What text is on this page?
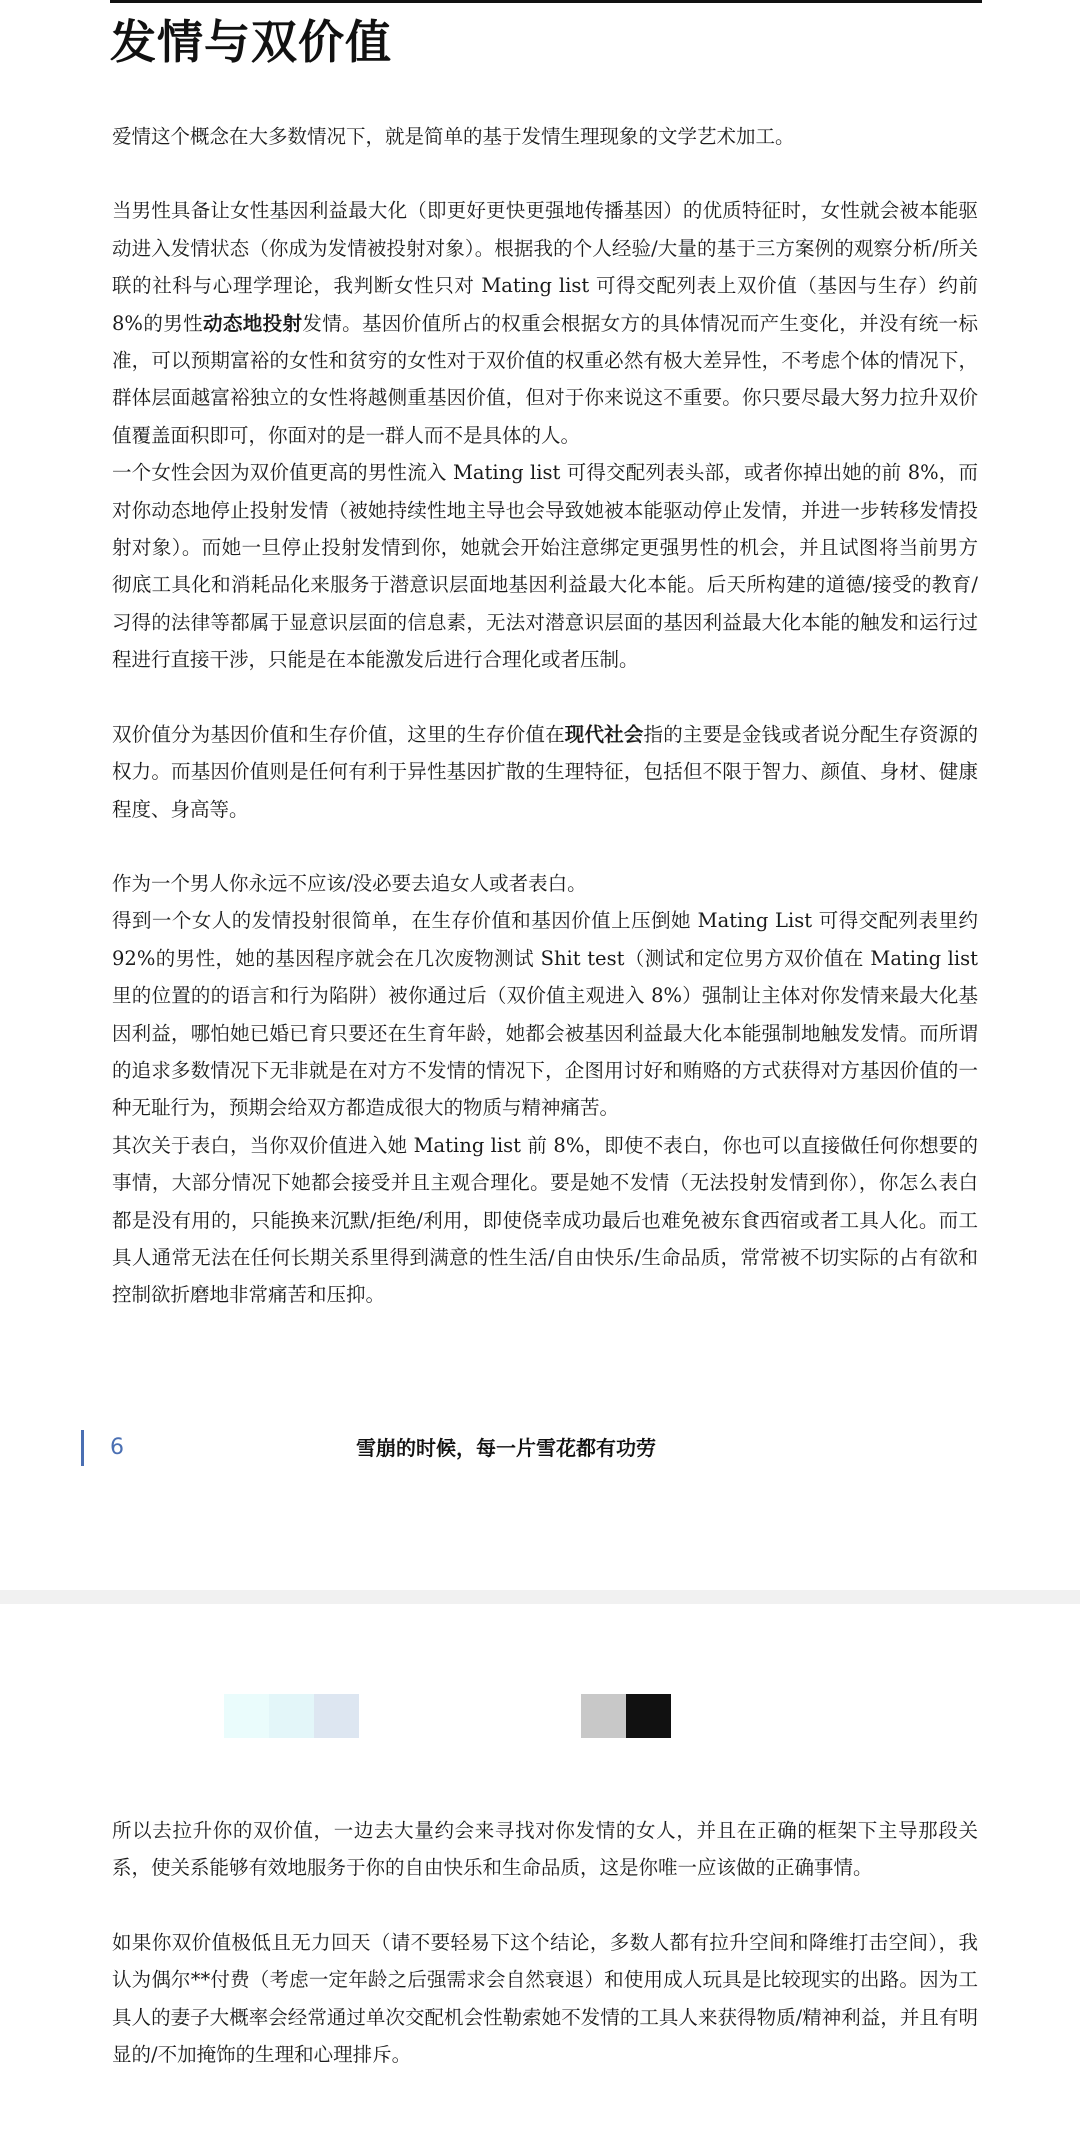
发情与双价值

爱情这个概念在大多数情况下，就是简单的基于发情生理现象的文学艺术加工。

当男性具备让女性基因利益最大化（即更好更快更强地传播基因）的优质特征时，女性就会被本能驱动进入发情状态（你成为发情被投射对象）。根据我的个人经验/大量的基于三方案例的观察分析/所关联的社科与心理学理论，我判断女性只对 Mating list 可得交配列表上双价值（基因与生存）约前 8%的男性动态地投射发情。基因价值所占的权重会根据女方的具体情况而产生变化，并没有统一标准，可以预期富裕的女性和贫穷的女性对于双价值的权重必然有极大差异性，不考虑个体的情况下，群体层面越富裕独立的女性将越侧重基因价值，但对于你来说这不重要。你只要尽最大努力拉升双价值覆盖面积即可，你面对的是一群人而不是具体的人。

一个女性会因为双价值更高的男性流入 Mating list 可得交配列表头部，或者你掉出她的前 8%，而对你动态地停止投射发情（被她持续性地主导也会导致她被本能驱动停止发情，并进一步转移发情投射对象）。而她一旦停止投射发情到你，她就会开始注意绑定更强男性的机会，并且试图将当前男方彻底工具化和消耗品化来服务于潜意识层面地基因利益最大化本能。后天所构建的道德/接受的教育/习得的法律等都属于显意识层面的信息素，无法对潜意识层面的基因利益最大化本能的触发和运行过程进行直接干涉，只能是在本能激发后进行合理化或者压制。

双价值分为基因价值和生存价值，这里的生存价值在现代社会指的主要是金钱或者说分配生存资源的权力。而基因价值则是任何有利于异性基因扩散的生理特征，包括但不限于智力、颜值、身材、健康程度、身高等。

作为一个男人你永远不应该/没必要去追女人或者表白。

得到一个女人的发情投射很简单，在生存价值和基因价值上压倒她 Mating List 可得交配列表里约 92%的男性，她的基因程序就会在几次废物测试 Shit test（测试和定位男方双价值在 Mating list 里的位置的的语言和行为陷阱）被你通过后（双价值主观进入 8%）强制让主体对你发情来最大化基因利益，哪怕她已婚已育只要还在生育年龄，她都会被基因利益最大化本能强制地触发发情。而所谓的追求多数情况下无非就是在对方不发情的情况下，企图用讨好和贿赂的方式获得对方基因价值的一种无耻行为，预期会给双方都造成很大的物质与精神痛苦。

其次关于表白，当你双价值进入她 Mating list 前 8%，即使不表白，你也可以直接做任何你想要的事情，大部分情况下她都会接受并且主观合理化。要是她不发情（无法投射发情到你），你怎么表白都是没有用的，只能换来沉默/拒绝/利用，即使侥幸成功最后也难免被东食西宿或者工具人化。而工具人通常无法在任何长期关系里得到满意的性生活/自由快乐/生命品质，常常被不切实际的占有欲和控制欲折磨地非常痛苦和压抑。

6	雪崩的时候，每一片雪花都有功劳

所以去拉升你的双价值，一边去大量约会来寻找对你发情的女人，并且在正确的框架下主导那段关系，使关系能够有效地服务于你的自由快乐和生命品质，这是你唯一应该做的正确事情。

如果你双价值极低且无力回天（请不要轻易下这个结论，多数人都有拉升空间和降维打击空间），我认为偶尔**付费（考虑一定年龄之后强需求会自然衰退）和使用成人玩具是比较现实的出路。因为工具人的妻子大概率会经常通过单次交配机会性勒索她不发情的工具人来获得物质/精神利益，并且有明显的/不加掩饰的生理和心理排斥。
